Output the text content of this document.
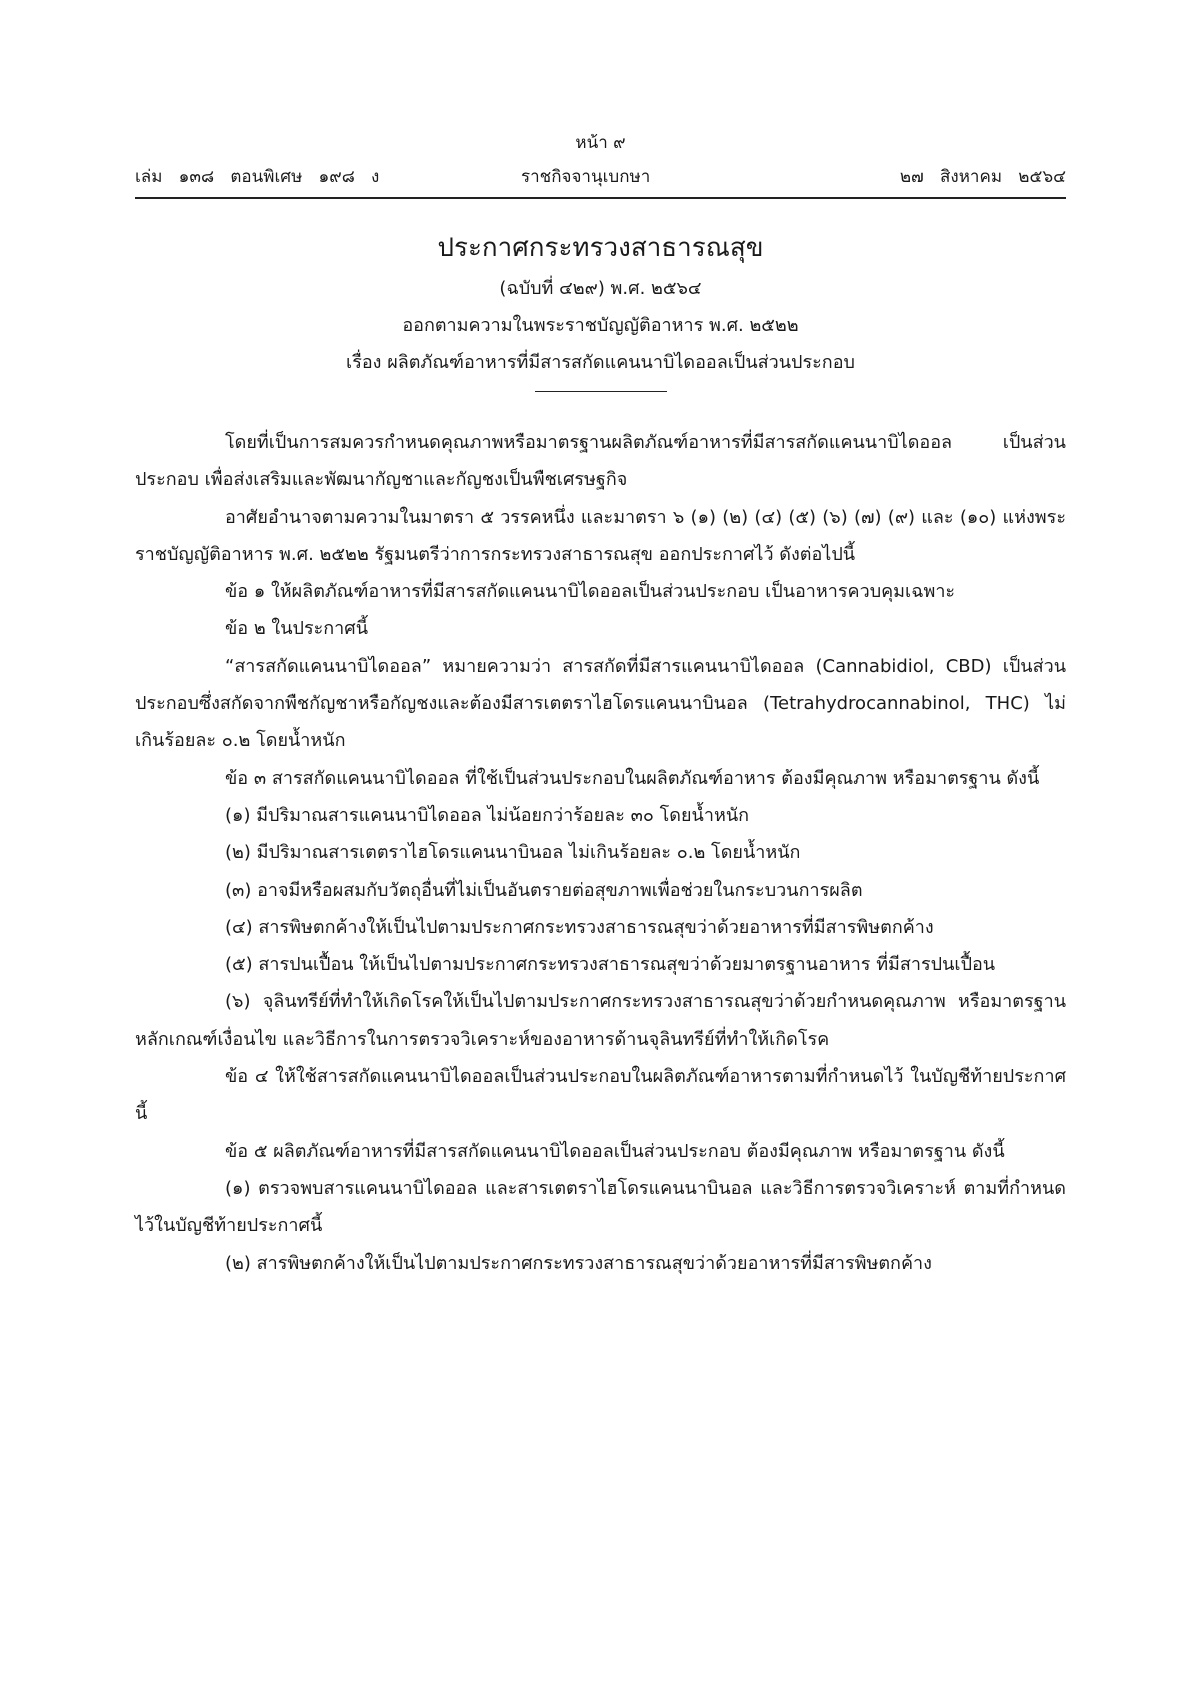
หน้า ๙
เล่ม   ๑๓๘   ตอนพิเศษ   ๑๙๘   ง	ราชกิจจานุเบกษา	๒๗   สิงหาคม   ๒๕๖๔
ประกาศกระทรวงสาธารณสุข
(ฉบับที่ ๔๒๙) พ.ศ. ๒๕๖๔
ออกตามความในพระราชบัญญัติอาหาร พ.ศ. ๒๕๒๒
เรื่อง ผลิตภัณฑ์อาหารที่มีสารสกัดแคนนาบิไดออลเป็นส่วนประกอบ

โดยที่เป็นการสมควรกำหนดคุณภาพหรือมาตรฐานผลิตภัณฑ์อาหารที่มีสารสกัดแคนนาบิไดออล เป็นส่วนประกอบ เพื่อส่งเสริมและพัฒนากัญชาและกัญชงเป็นพืชเศรษฐกิจ

อาศัยอำนาจตามความในมาตรา ๕ วรรคหนึ่ง และมาตรา ๖ (๑) (๒) (๔) (๕) (๖) (๗) (๙) และ (๑๐) แห่งพระราชบัญญัติอาหาร พ.ศ. ๒๕๒๒ รัฐมนตรีว่าการกระทรวงสาธารณสุข ออกประกาศไว้ ดังต่อไปนี้

ข้อ ๑ ให้ผลิตภัณฑ์อาหารที่มีสารสกัดแคนนาบิไดออลเป็นส่วนประกอบ เป็นอาหารควบคุมเฉพาะ

ข้อ ๒ ในประกาศนี้

“สารสกัดแคนนาบิไดออล” หมายความว่า สารสกัดที่มีสารแคนนาบิไดออล (Cannabidiol, CBD) เป็นส่วนประกอบซึ่งสกัดจากพืชกัญชาหรือกัญชงและต้องมีสารเตตราไฮโดรแคนนาบินอล (Tetrahydrocannabinol, THC) ไม่เกินร้อยละ ๐.๒ โดยน้ำหนัก

ข้อ ๓ สารสกัดแคนนาบิไดออล ที่ใช้เป็นส่วนประกอบในผลิตภัณฑ์อาหาร ต้องมีคุณภาพ หรือมาตรฐาน ดังนี้

(๑) มีปริมาณสารแคนนาบิไดออล ไม่น้อยกว่าร้อยละ ๓๐ โดยน้ำหนัก

(๒) มีปริมาณสารเตตราไฮโดรแคนนาบินอล ไม่เกินร้อยละ ๐.๒ โดยน้ำหนัก

(๓) อาจมีหรือผสมกับวัตถุอื่นที่ไม่เป็นอันตรายต่อสุขภาพเพื่อช่วยในกระบวนการผลิต

(๔) สารพิษตกค้างให้เป็นไปตามประกาศกระทรวงสาธารณสุขว่าด้วยอาหารที่มีสารพิษตกค้าง

(๕) สารปนเปื้อน ให้เป็นไปตามประกาศกระทรวงสาธารณสุขว่าด้วยมาตรฐานอาหาร ที่มีสารปนเปื้อน

(๖) จุลินทรีย์ที่ทำให้เกิดโรคให้เป็นไปตามประกาศกระทรวงสาธารณสุขว่าด้วยกำหนดคุณภาพ หรือมาตรฐาน หลักเกณฑ์เงื่อนไข และวิธีการในการตรวจวิเคราะห์ของอาหารด้านจุลินทรีย์ที่ทำให้เกิดโรค

ข้อ ๔ ให้ใช้สารสกัดแคนนาบิไดออลเป็นส่วนประกอบในผลิตภัณฑ์อาหารตามที่กำหนดไว้ ในบัญชีท้ายประกาศนี้

ข้อ ๕ ผลิตภัณฑ์อาหารที่มีสารสกัดแคนนาบิไดออลเป็นส่วนประกอบ ต้องมีคุณภาพ หรือมาตรฐาน ดังนี้

(๑) ตรวจพบสารแคนนาบิไดออล และสารเตตราไฮโดรแคนนาบินอล และวิธีการตรวจวิเคราะห์ ตามที่กำหนดไว้ในบัญชีท้ายประกาศนี้

(๒) สารพิษตกค้างให้เป็นไปตามประกาศกระทรวงสาธารณสุขว่าด้วยอาหารที่มีสารพิษตกค้าง
